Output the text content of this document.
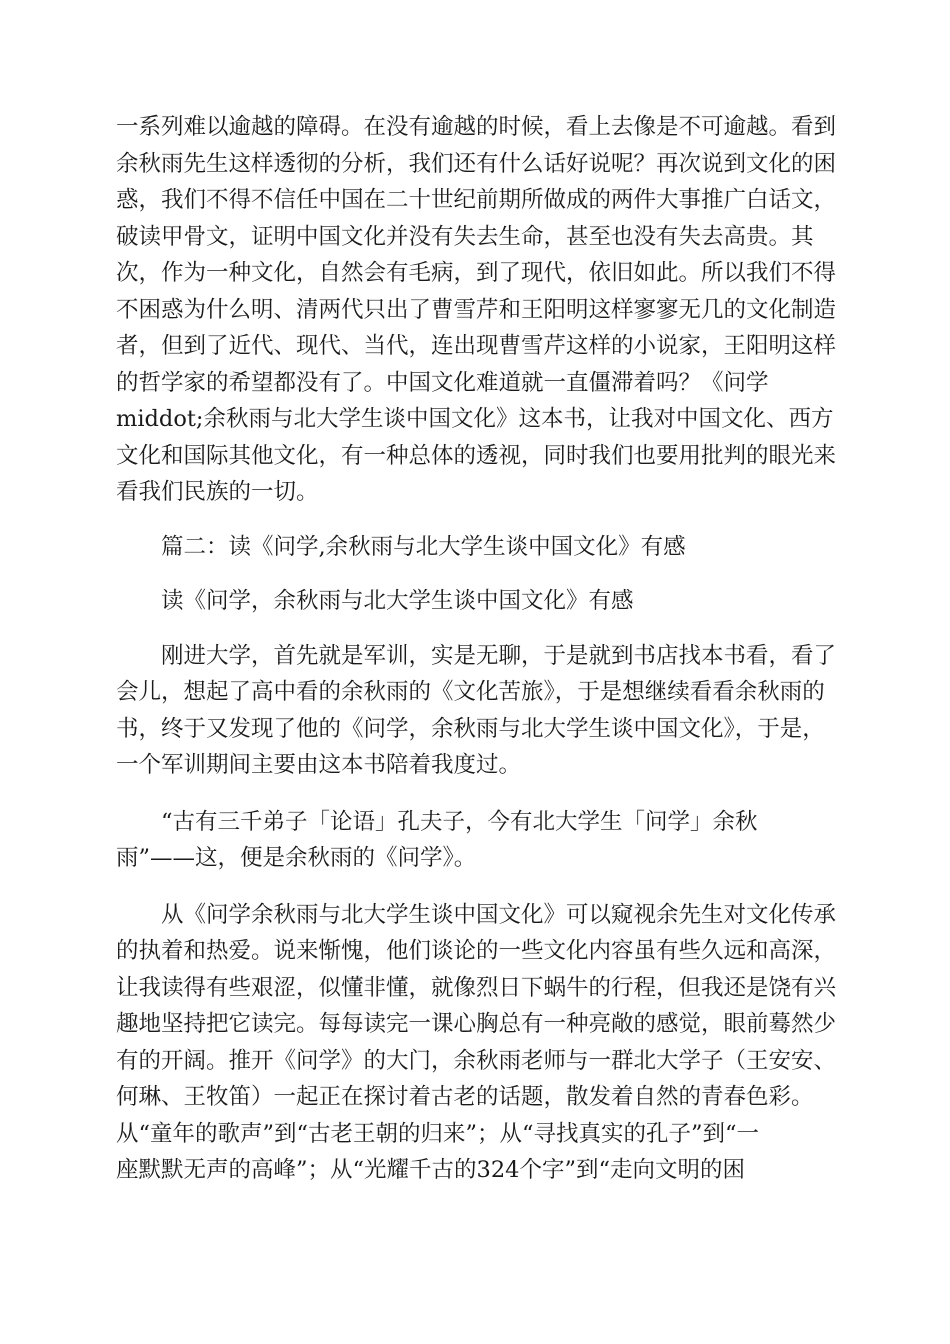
一系列难以逾越的障碍。在没有逾越的时候，看上去像是不可逾越。看到
余秋雨先生这样透彻的分析，我们还有什么话好说呢？再次说到文化的困
惑，我们不得不信任中国在二十世纪前期所做成的两件大事推广白话文，
破读甲骨文，证明中国文化并没有失去生命，甚至也没有失去高贵。其
次，作为一种文化，自然会有毛病，到了现代，依旧如此。所以我们不得
不困惑为什么明、清两代只出了曹雪芹和王阳明这样寥寥无几的文化制造
者，但到了近代、现代、当代，连出现曹雪芹这样的小说家，王阳明这样
的哲学家的希望都没有了。中国文化难道就一直僵滞着吗？《问学
middot;余秋雨与北大学生谈中国文化》这本书，让我对中国文化、西方
文化和国际其他文化，有一种总体的透视，同时我们也要用批判的眼光来
看我们民族的一切。
篇二：读《问学,余秋雨与北大学生谈中国文化》有感
读《问学，余秋雨与北大学生谈中国文化》有感
刚进大学，首先就是军训，实是无聊，于是就到书店找本书看，看了
会儿，想起了高中看的余秋雨的《文化苦旅》，于是想继续看看余秋雨的
书，终于又发现了他的《问学，余秋雨与北大学生谈中国文化》，于是，
一个军训期间主要由这本书陪着我度过。
“古有三千弟子「论语」孔夫子，今有北大学生「问学」余秋
雨”——这，便是余秋雨的《问学》。
从《问学余秋雨与北大学生谈中国文化》可以窥视余先生对文化传承
的执着和热爱。说来惭愧，他们谈论的一些文化内容虽有些久远和高深，
让我读得有些艰涩，似懂非懂，就像烈日下蜗牛的行程，但我还是饶有兴
趣地坚持把它读完。每每读完一课心胸总有一种亮敞的感觉，眼前蓦然少
有的开阔。推开《问学》的大门，余秋雨老师与一群北大学子（王安安、
何琳、王牧笛）一起正在探讨着古老的话题，散发着自然的青春色彩。
从“童年的歌声”到“古老王朝的归来”；从“寻找真实的孔子”到“一
座默默无声的高峰”；从“光耀千古的324个字”到“走向文明的困
